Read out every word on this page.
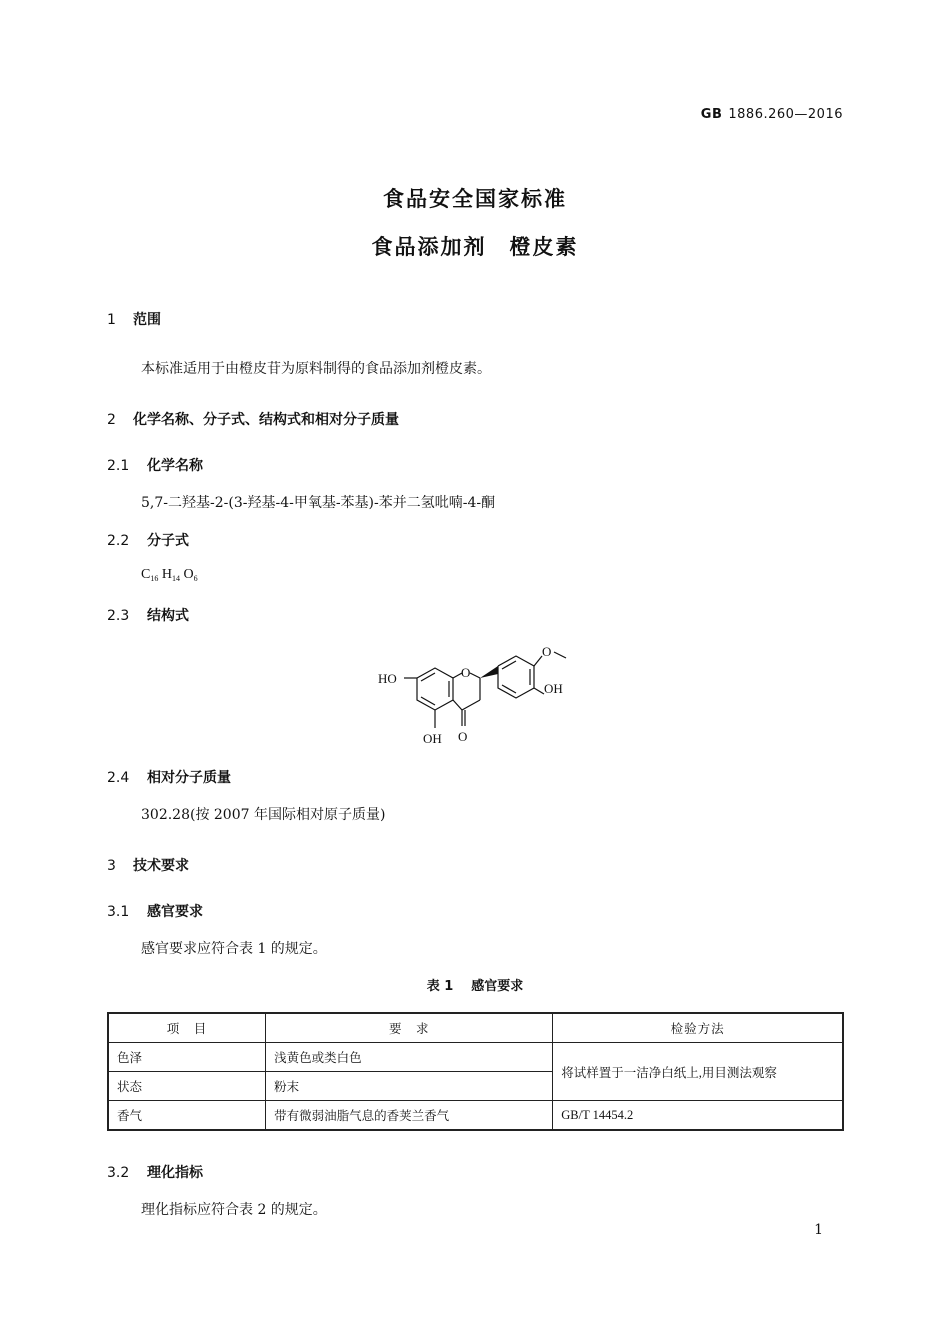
GB 1886.260—2016
食品安全国家标准
食品添加剂　橙皮素
1 范围
本标准适用于由橙皮苷为原料制得的食品添加剂橙皮素。
2 化学名称、分子式、结构式和相对分子质量
2.1 化学名称
5,7-二羟基-2-(3-羟基-4-甲氧基-苯基)-苯并二氢吡喃-4-酮
2.2 分子式
$C_{16}$ $H_{14}$ $O_6$
2.3 结构式
HO	O
O
OH
O
OH
2.4 相对分子质量
302.28(按 2007 年国际相对原子质量)
3 技术要求
3.1 感官要求
感官要求应符合表 1 的规定。
表 1 感官要求
项　目	要　求	检验方法
色泽	浅黄色或类白色	将试样置于一洁净白纸上,用目测法观察
状态	粉末	
香气	带有微弱油脂气息的香荚兰香气	GB/T 14454.2
3.2 理化指标
理化指标应符合表 2 的规定。
1
